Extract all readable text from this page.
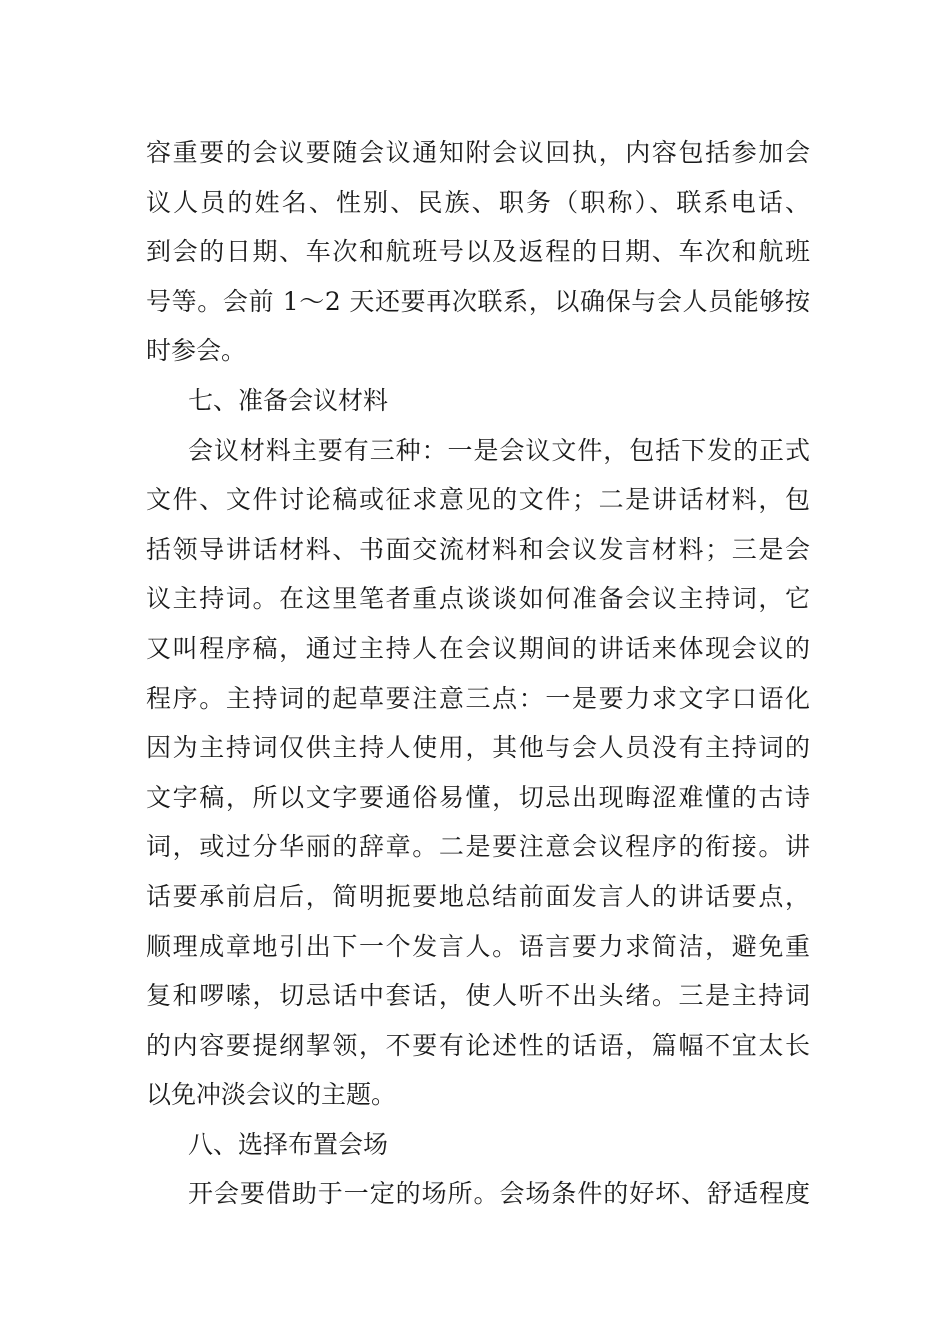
容重要的会议要随会议通知附会议回执，内容包括参加会
议人员的姓名、性别、民族、职务（职称）、联系电话、
到会的日期、车次和航班号以及返程的日期、车次和航班
号等。会前 1～2 天还要再次联系，以确保与会人员能够按
时参会。
七、准备会议材料
会议材料主要有三种：一是会议文件，包括下发的正式
文件、文件讨论稿或征求意见的文件；二是讲话材料，包
括领导讲话材料、书面交流材料和会议发言材料；三是会
议主持词。在这里笔者重点谈谈如何准备会议主持词，它
又叫程序稿，通过主持人在会议期间的讲话来体现会议的
程序。主持词的起草要注意三点：一是要力求文字口语化
因为主持词仅供主持人使用，其他与会人员没有主持词的
文字稿，所以文字要通俗易懂，切忌出现晦涩难懂的古诗
词，或过分华丽的辞章。二是要注意会议程序的衔接。讲
话要承前启后，简明扼要地总结前面发言人的讲话要点，
顺理成章地引出下一个发言人。语言要力求简洁，避免重
复和啰嗦，切忌话中套话，使人听不出头绪。三是主持词
的内容要提纲挈领，不要有论述性的话语，篇幅不宜太长
以免冲淡会议的主题。
八、选择布置会场
开会要借助于一定的场所。会场条件的好坏、舒适程度
